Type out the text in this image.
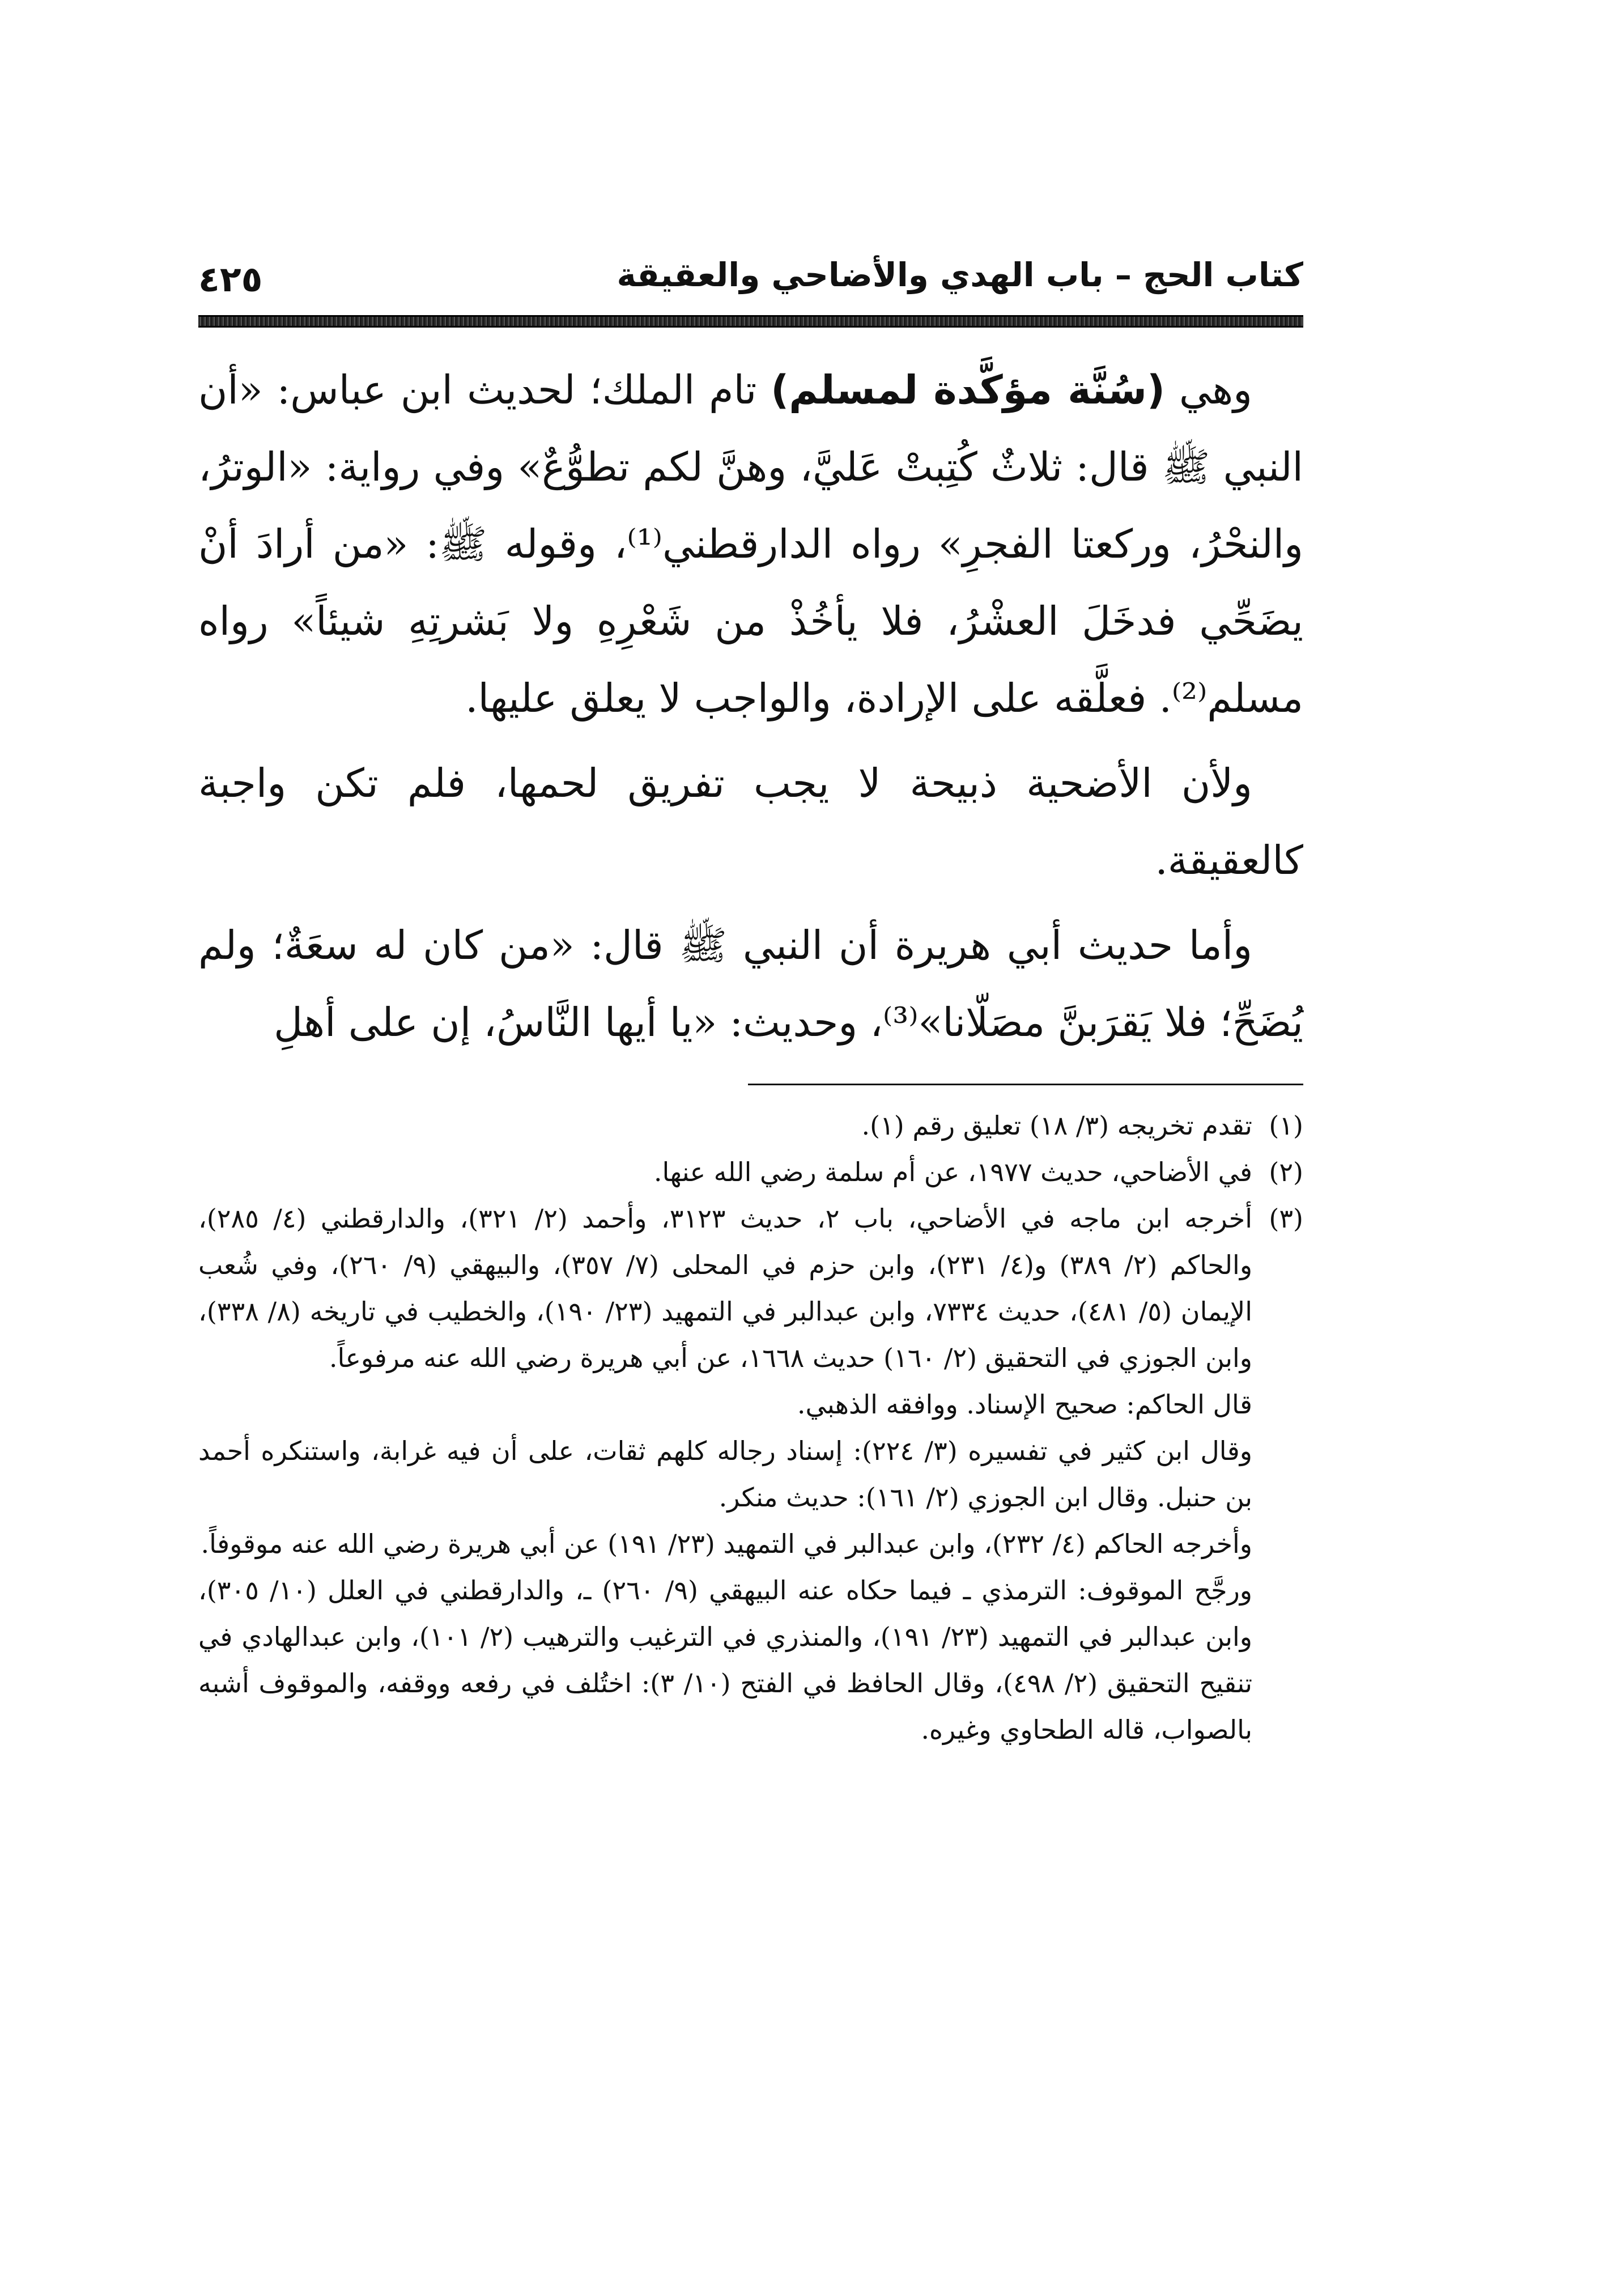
كتاب الحج – باب الهدي والأضاحي والعقيقة
٤٢٥

وهي (سُنَّة مؤكَّدة لمسلم) تام الملك؛ لحديث ابن عباس: «أن النبي ﷺ قال: ثلاثٌ كُتِبتْ عَليَّ، وهنَّ لكم تطوُّعٌ» وفي رواية: «الوترُ، والنحْرُ، وركعتا الفجرِ» رواه الدارقطني⁽¹⁾، وقوله ﷺ: «من أرادَ أنْ يضَحِّي فدخَلَ العشْرُ، فلا يأخُذْ من شَعْرِهِ ولا بَشرتِهِ شيئاً» رواه مسلم⁽²⁾. فعلَّقه على الإرادة، والواجب لا يعلق عليها.

ولأن الأضحية ذبيحة لا يجب تفريق لحمها، فلم تكن واجبة كالعقيقة.

وأما حديث أبي هريرة أن النبي ﷺ قال: «من كان له سعَةٌ؛ ولم يُضَحِّ؛ فلا يَقرَبنَّ مصَلّانا»⁽³⁾، وحديث: «يا أيها النَّاسُ، إن على أهلِ

(١)

تقدم تخريجه (٣/ ١٨) تعليق رقم (١).

(٢)

في الأضاحي، حديث ١٩٧٧، عن أم سلمة رضي الله عنها.

(٣)

أخرجه ابن ماجه في الأضاحي، باب ٢، حديث ٣١٢٣، وأحمد (٢/ ٣٢١)، والدارقطني (٤/ ٢٨٥)، والحاكم (٢/ ٣٨٩) و(٤/ ٢٣١)، وابن حزم في المحلى (٧/ ٣٥٧)، والبيهقي (٩/ ٢٦٠)، وفي شُعب الإيمان (٥/ ٤٨١)، حديث ٧٣٣٤، وابن عبدالبر في التمهيد (٢٣/ ١٩٠)، والخطيب في تاريخه (٨/ ٣٣٨)، وابن الجوزي في التحقيق (٢/ ١٦٠) حديث ١٦٦٨، عن أبي هريرة رضي الله عنه مرفوعاً.

قال الحاكم: صحيح الإسناد. ووافقه الذهبي.

وقال ابن كثير في تفسيره (٣/ ٢٢٤): إسناد رجاله كلهم ثقات، على أن فيه غرابة، واستنكره أحمد بن حنبل. وقال ابن الجوزي (٢/ ١٦١): حديث منكر.

وأخرجه الحاكم (٤/ ٢٣٢)، وابن عبدالبر في التمهيد (٢٣/ ١٩١) عن أبي هريرة رضي الله عنه موقوفاً.

ورجَّح الموقوف: الترمذي ـ فيما حكاه عنه البيهقي (٩/ ٢٦٠) ـ، والدارقطني في العلل (١٠/ ٣٠٥)، وابن عبدالبر في التمهيد (٢٣/ ١٩١)، والمنذري في الترغيب والترهيب (٢/ ١٠١)، وابن عبدالهادي في تنقيح التحقيق (٢/ ٤٩٨)، وقال الحافظ في الفتح (١٠/ ٣): اختُلف في رفعه ووقفه، والموقوف أشبه بالصواب، قاله الطحاوي وغيره.
